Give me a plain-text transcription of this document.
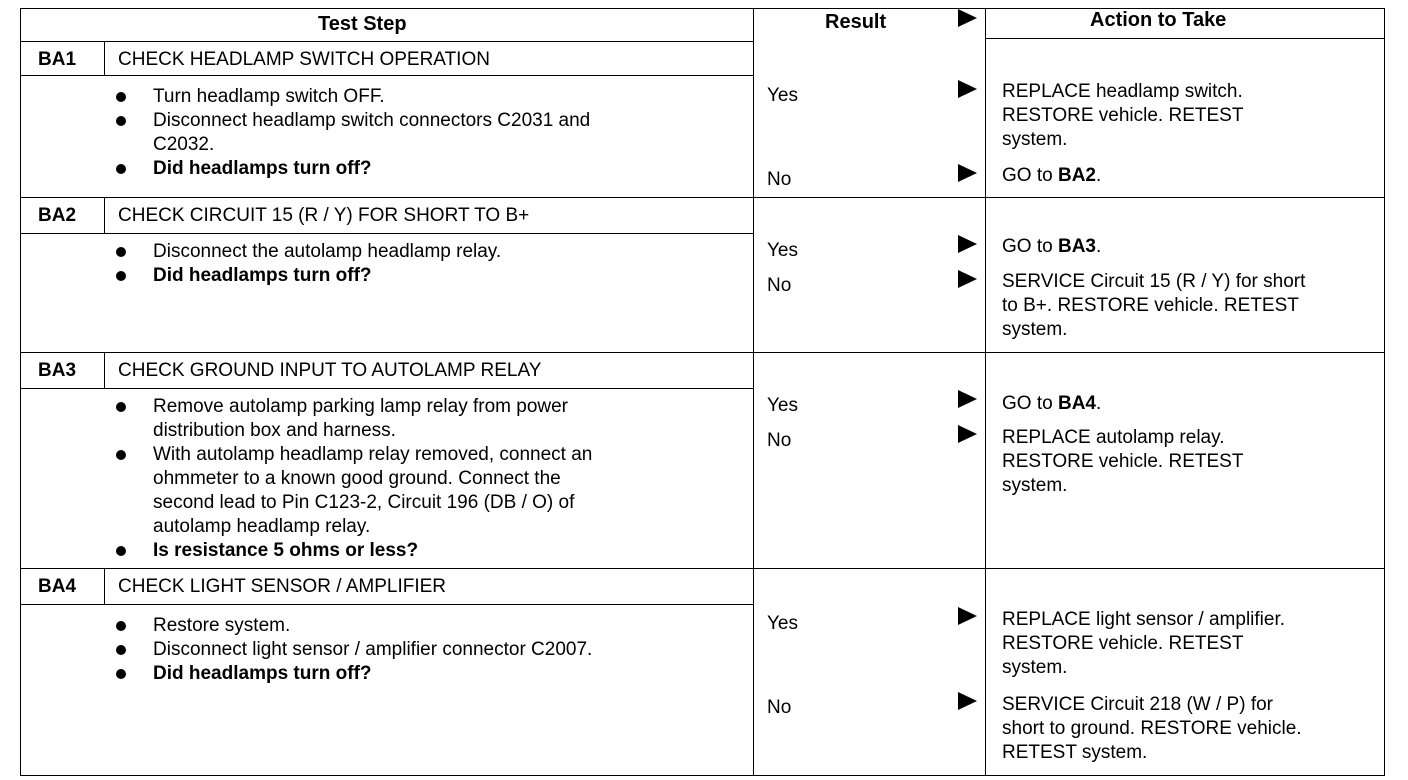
Test Step	Result	Action to Take
BA1 CHECK HEADLAMP SWITCH OPERATION
Turn headlamp switch OFF.
Disconnect headlamp switch connectors C2031 and
C2032.
Did headlamps turn off?
Yes	REPLACE headlamp switch.
RESTORE vehicle. RETEST
system.
No	GO to BA2.
BA2 CHECK CIRCUIT 15 (R / Y) FOR SHORT TO B+
Disconnect the autolamp headlamp relay.
Did headlamps turn off?
Yes	GO to BA3.
No	SERVICE Circuit 15 (R / Y) for short
to B+. RESTORE vehicle. RETEST
system.
BA3 CHECK GROUND INPUT TO AUTOLAMP RELAY
Remove autolamp parking lamp relay from power
distribution box and harness.
With autolamp headlamp relay removed, connect an
ohmmeter to a known good ground. Connect the
second lead to Pin C123-2, Circuit 196 (DB / O) of
autolamp headlamp relay.
Is resistance 5 ohms or less?
Yes	GO to BA4.
No	REPLACE autolamp relay.
RESTORE vehicle. RETEST
system.
BA4 CHECK LIGHT SENSOR / AMPLIFIER
Restore system.
Disconnect light sensor / amplifier connector C2007.
Did headlamps turn off?
Yes	REPLACE light sensor / amplifier.
RESTORE vehicle. RETEST
system.
No	SERVICE Circuit 218 (W / P) for
short to ground. RESTORE vehicle.
RETEST system.
